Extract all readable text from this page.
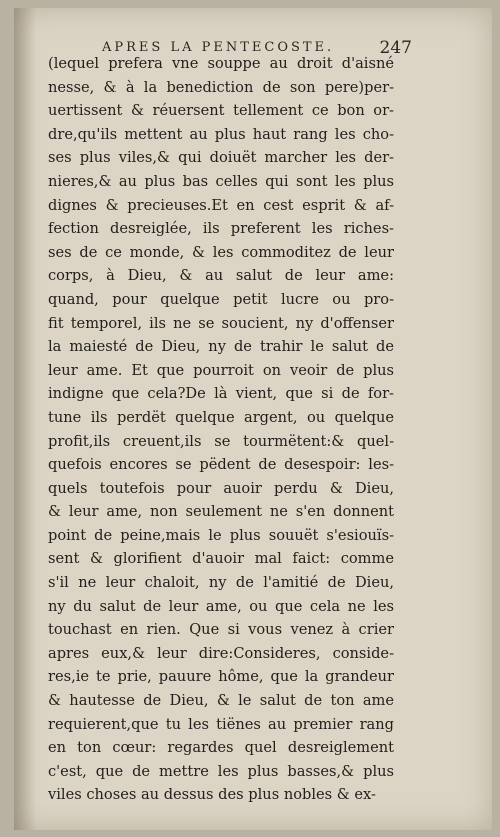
APRES LA PENTECOSTE.	247
(lequel prefera vne souppe au droit d'aisné
nesse, & à la benediction de son pere)per-
uertissent & réuersent tellement ce bon or-
dre,qu'ils mettent au plus haut rang les cho-
ses plus viles,& qui doiuët marcher les der-
nieres,& au plus bas celles qui sont les plus
dignes & precieuses.Et en cest esprit & af-
fection desreiglée, ils preferent les riches-
ses de ce monde, & les commoditez de leur
corps, à Dieu, & au salut de leur ame:
quand, pour quelque petit lucre ou pro-
fit temporel, ils ne se soucient, ny d'offenser
la maiesté de Dieu, ny de trahir le salut de
leur ame. Et que pourroit on veoir de plus
indigne que cela?De là vient, que si de for-
tune ils perdët quelque argent, ou quelque
profit,ils creuent,ils se tourmëtent:& quel-
quefois encores se pëdent de desespoir: les-
quels toutefois pour auoir perdu & Dieu,
& leur ame, non seulement ne s'en donnent
point de peine,mais le plus souuët s'esiouïs-
sent & glorifient d'auoir mal faict: comme
s'il ne leur chaloit, ny de l'amitié de Dieu,
ny du salut de leur ame, ou que cela ne les
touchast en rien. Que si vous venez à crier
apres eux,& leur dire:Consideres, conside-
res,ie te prie, pauure hôme, que la grandeur
& hautesse de Dieu, & le salut de ton ame
requierent,que tu les tiënes au premier rang
en ton cœur: regardes quel desreiglement
c'est, que de mettre les plus basses,& plus
viles choses au dessus des plus nobles & ex-
